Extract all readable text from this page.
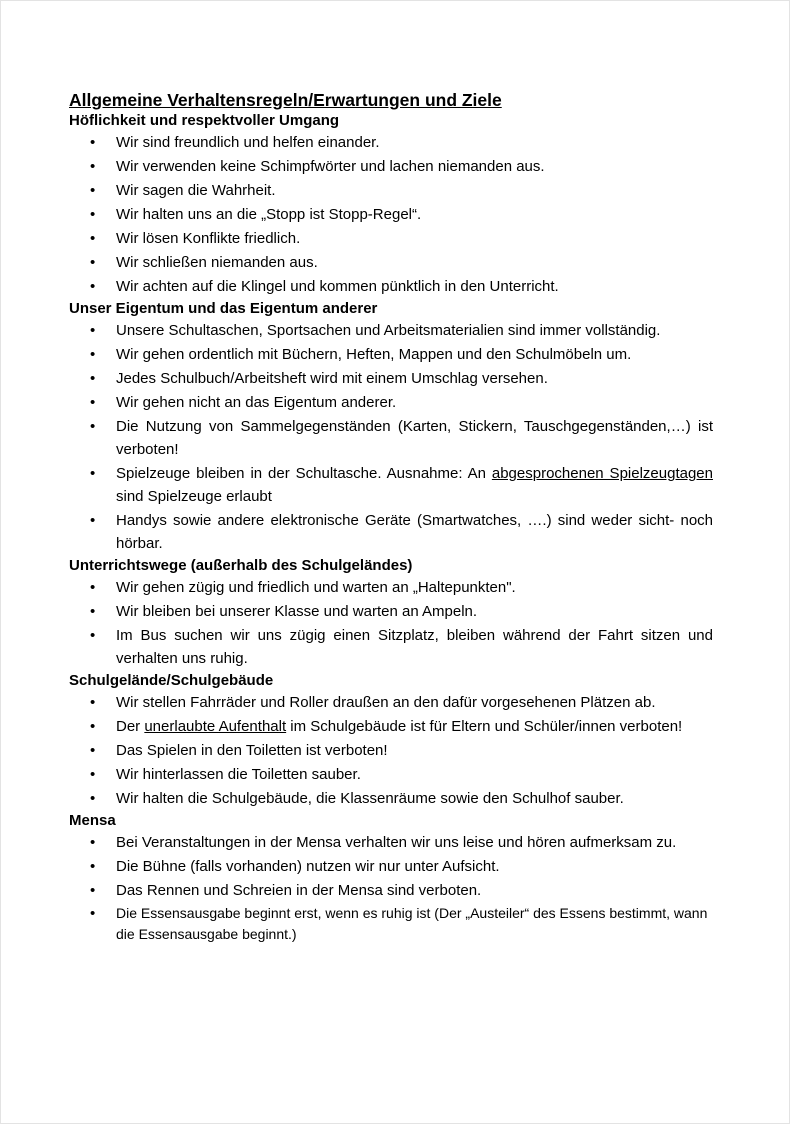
Allgemeine Verhaltensregeln/Erwartungen und Ziele
Höflichkeit und respektvoller Umgang
• Wir sind freundlich und helfen einander.
• Wir verwenden keine Schimpfwörter und lachen niemanden aus.
• Wir sagen die Wahrheit.
• Wir halten uns an die „Stopp ist Stopp-Regel“.
• Wir lösen Konflikte friedlich.
• Wir schließen niemanden aus.
• Wir achten auf die Klingel und kommen pünktlich in den Unterricht.
Unser Eigentum und das Eigentum anderer
• Unsere Schultaschen, Sportsachen und Arbeitsmaterialien sind immer vollständig.
• Wir gehen ordentlich mit Büchern, Heften, Mappen und den Schulmöbeln um.
• Jedes Schulbuch/Arbeitsheft wird mit einem Umschlag versehen.
• Wir gehen nicht an das Eigentum anderer.
• Die Nutzung von Sammelgegenständen (Karten, Stickern, Tauschgegenständen,…) ist verboten!
• Spielzeuge bleiben in der Schultasche. Ausnahme: An abgesprochenen Spielzeugtagen sind Spielzeuge erlaubt
• Handys sowie andere elektronische Geräte (Smartwatches, ….) sind weder sicht- noch hörbar.
Unterrichtswege (außerhalb des Schulgeländes)
• Wir gehen zügig und friedlich und warten an „Haltepunkten".
• Wir bleiben bei unserer Klasse und warten an Ampeln.
• Im Bus suchen wir uns zügig einen Sitzplatz, bleiben während der Fahrt sitzen und verhalten uns ruhig.
Schulgelände/Schulgebäude
• Wir stellen Fahrräder und Roller draußen an den dafür vorgesehenen Plätzen ab.
• Der unerlaubte Aufenthalt im Schulgebäude ist für Eltern und Schüler/innen verboten!
• Das Spielen in den Toiletten ist verboten!
• Wir hinterlassen die Toiletten sauber.
• Wir halten die Schulgebäude, die Klassenräume sowie den Schulhof sauber.
Mensa
• Bei Veranstaltungen in der Mensa verhalten wir uns leise und hören aufmerksam zu.
• Die Bühne (falls vorhanden) nutzen wir nur unter Aufsicht.
• Das Rennen und Schreien in der Mensa sind verboten.
• Die Essensausgabe beginnt erst, wenn es ruhig ist (Der „Austeiler“ des Essens bestimmt, wann die Essensausgabe beginnt.)
